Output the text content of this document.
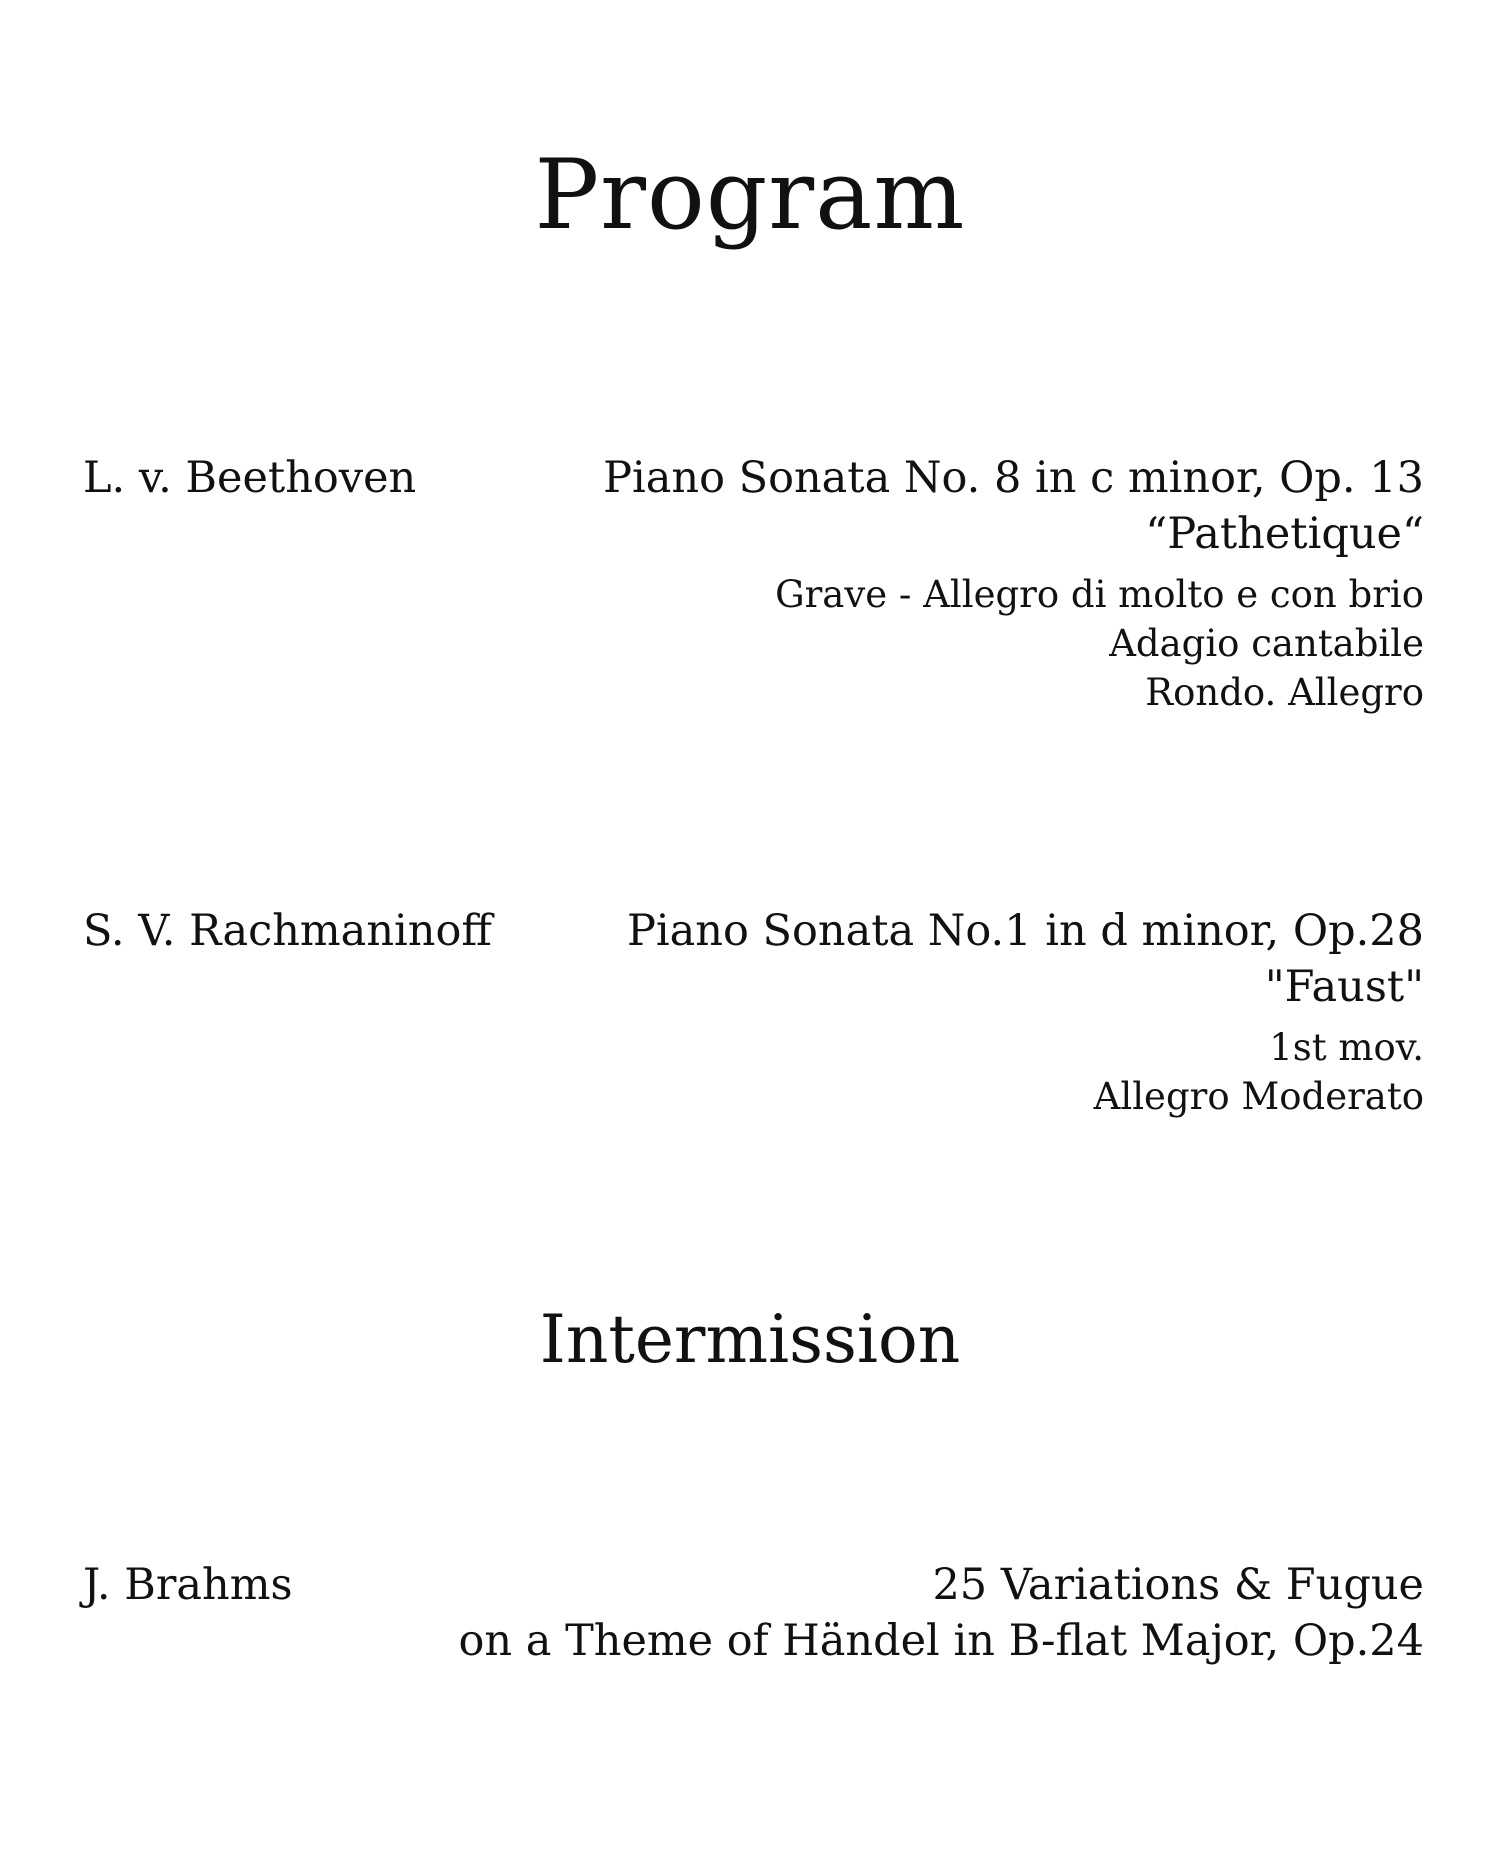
Program
L. v. Beethoven	Piano Sonata No. 8 in c minor, Op. 13
“Pathetique“
Grave - Allegro di molto e con brio
Adagio cantabile
Rondo. Allegro
S. V. Rachmaninoff	Piano Sonata No.1 in d minor, Op.28
"Faust"
1st mov.
Allegro Moderato
Intermission
J. Brahms	25 Variations & Fugue
on a Theme of Händel in B-flat Major, Op.24
